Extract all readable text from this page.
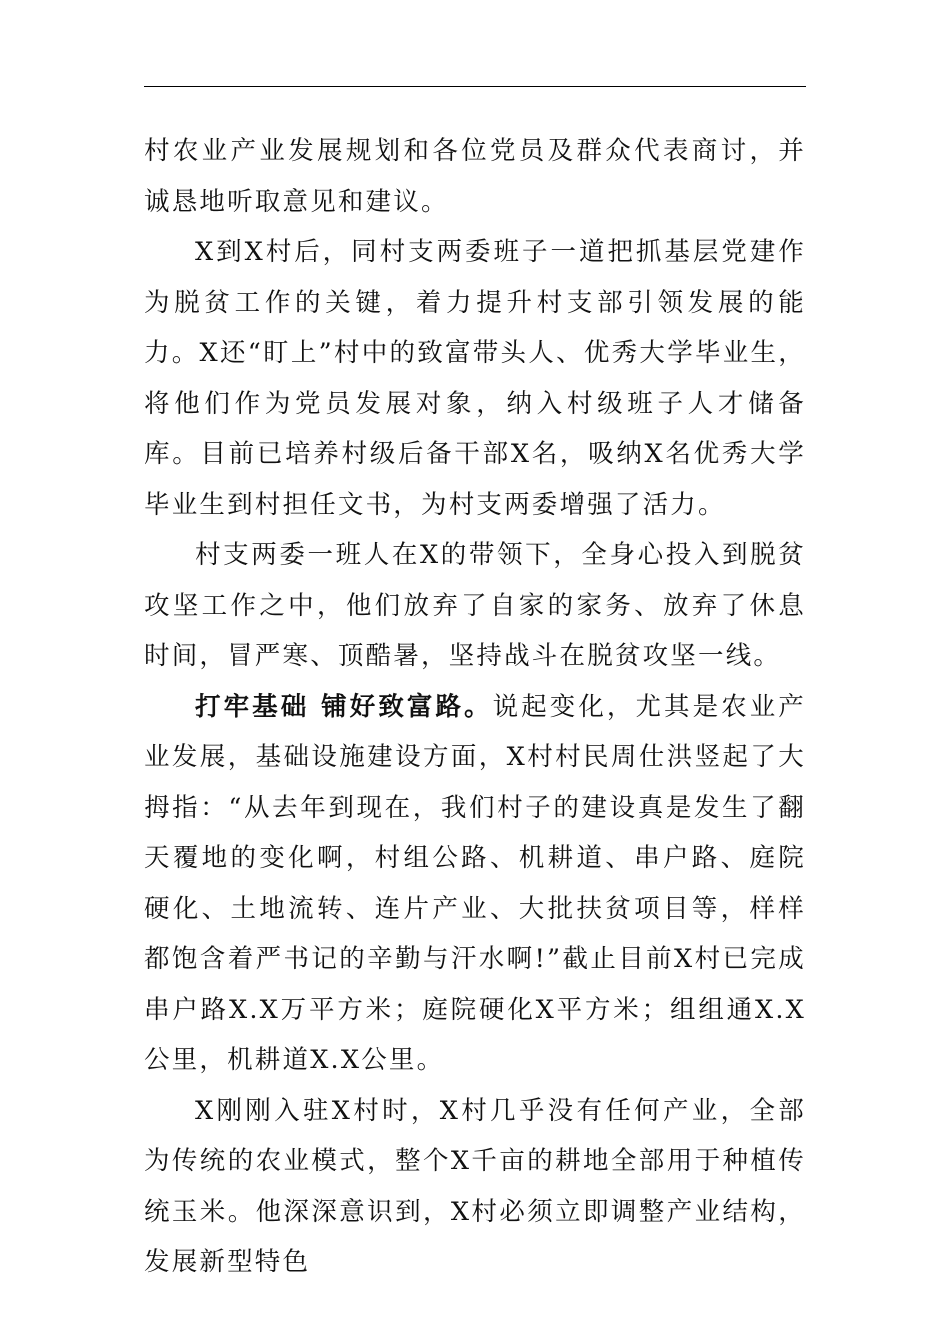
村农业产业发展规划和各位党员及群众代表商讨，并诚恳地听取意见和建议。

X到X村后，同村支两委班子一道把抓基层党建作为脱贫工作的关键，着力提升村支部引领发展的能力。X还“盯上”村中的致富带头人、优秀大学毕业生，将他们作为党员发展对象，纳入村级班子人才储备库。目前已培养村级后备干部X名，吸纳X名优秀大学毕业生到村担任文书，为村支两委增强了活力。

村支两委一班人在X的带领下，全身心投入到脱贫攻坚工作之中，他们放弃了自家的家务、放弃了休息时间，冒严寒、顶酷暑，坚持战斗在脱贫攻坚一线。

打牢基础 铺好致富路。说起变化，尤其是农业产业发展，基础设施建设方面，X村村民周仕洪竖起了大拇指：“从去年到现在，我们村子的建设真是发生了翻天覆地的变化啊，村组公路、机耕道、串户路、庭院硬化、土地流转、连片产业、大批扶贫项目等，样样都饱含着严书记的辛勤与汗水啊!”截止目前X村已完成串户路X.X万平方米；庭院硬化X平方米；组组通X.X公里，机耕道X.X公里。

X刚刚入驻X村时，X村几乎没有任何产业，全部为传统的农业模式，整个X千亩的耕地全部用于种植传统玉米。他深深意识到，X村必须立即调整产业结构，发展新型特色
